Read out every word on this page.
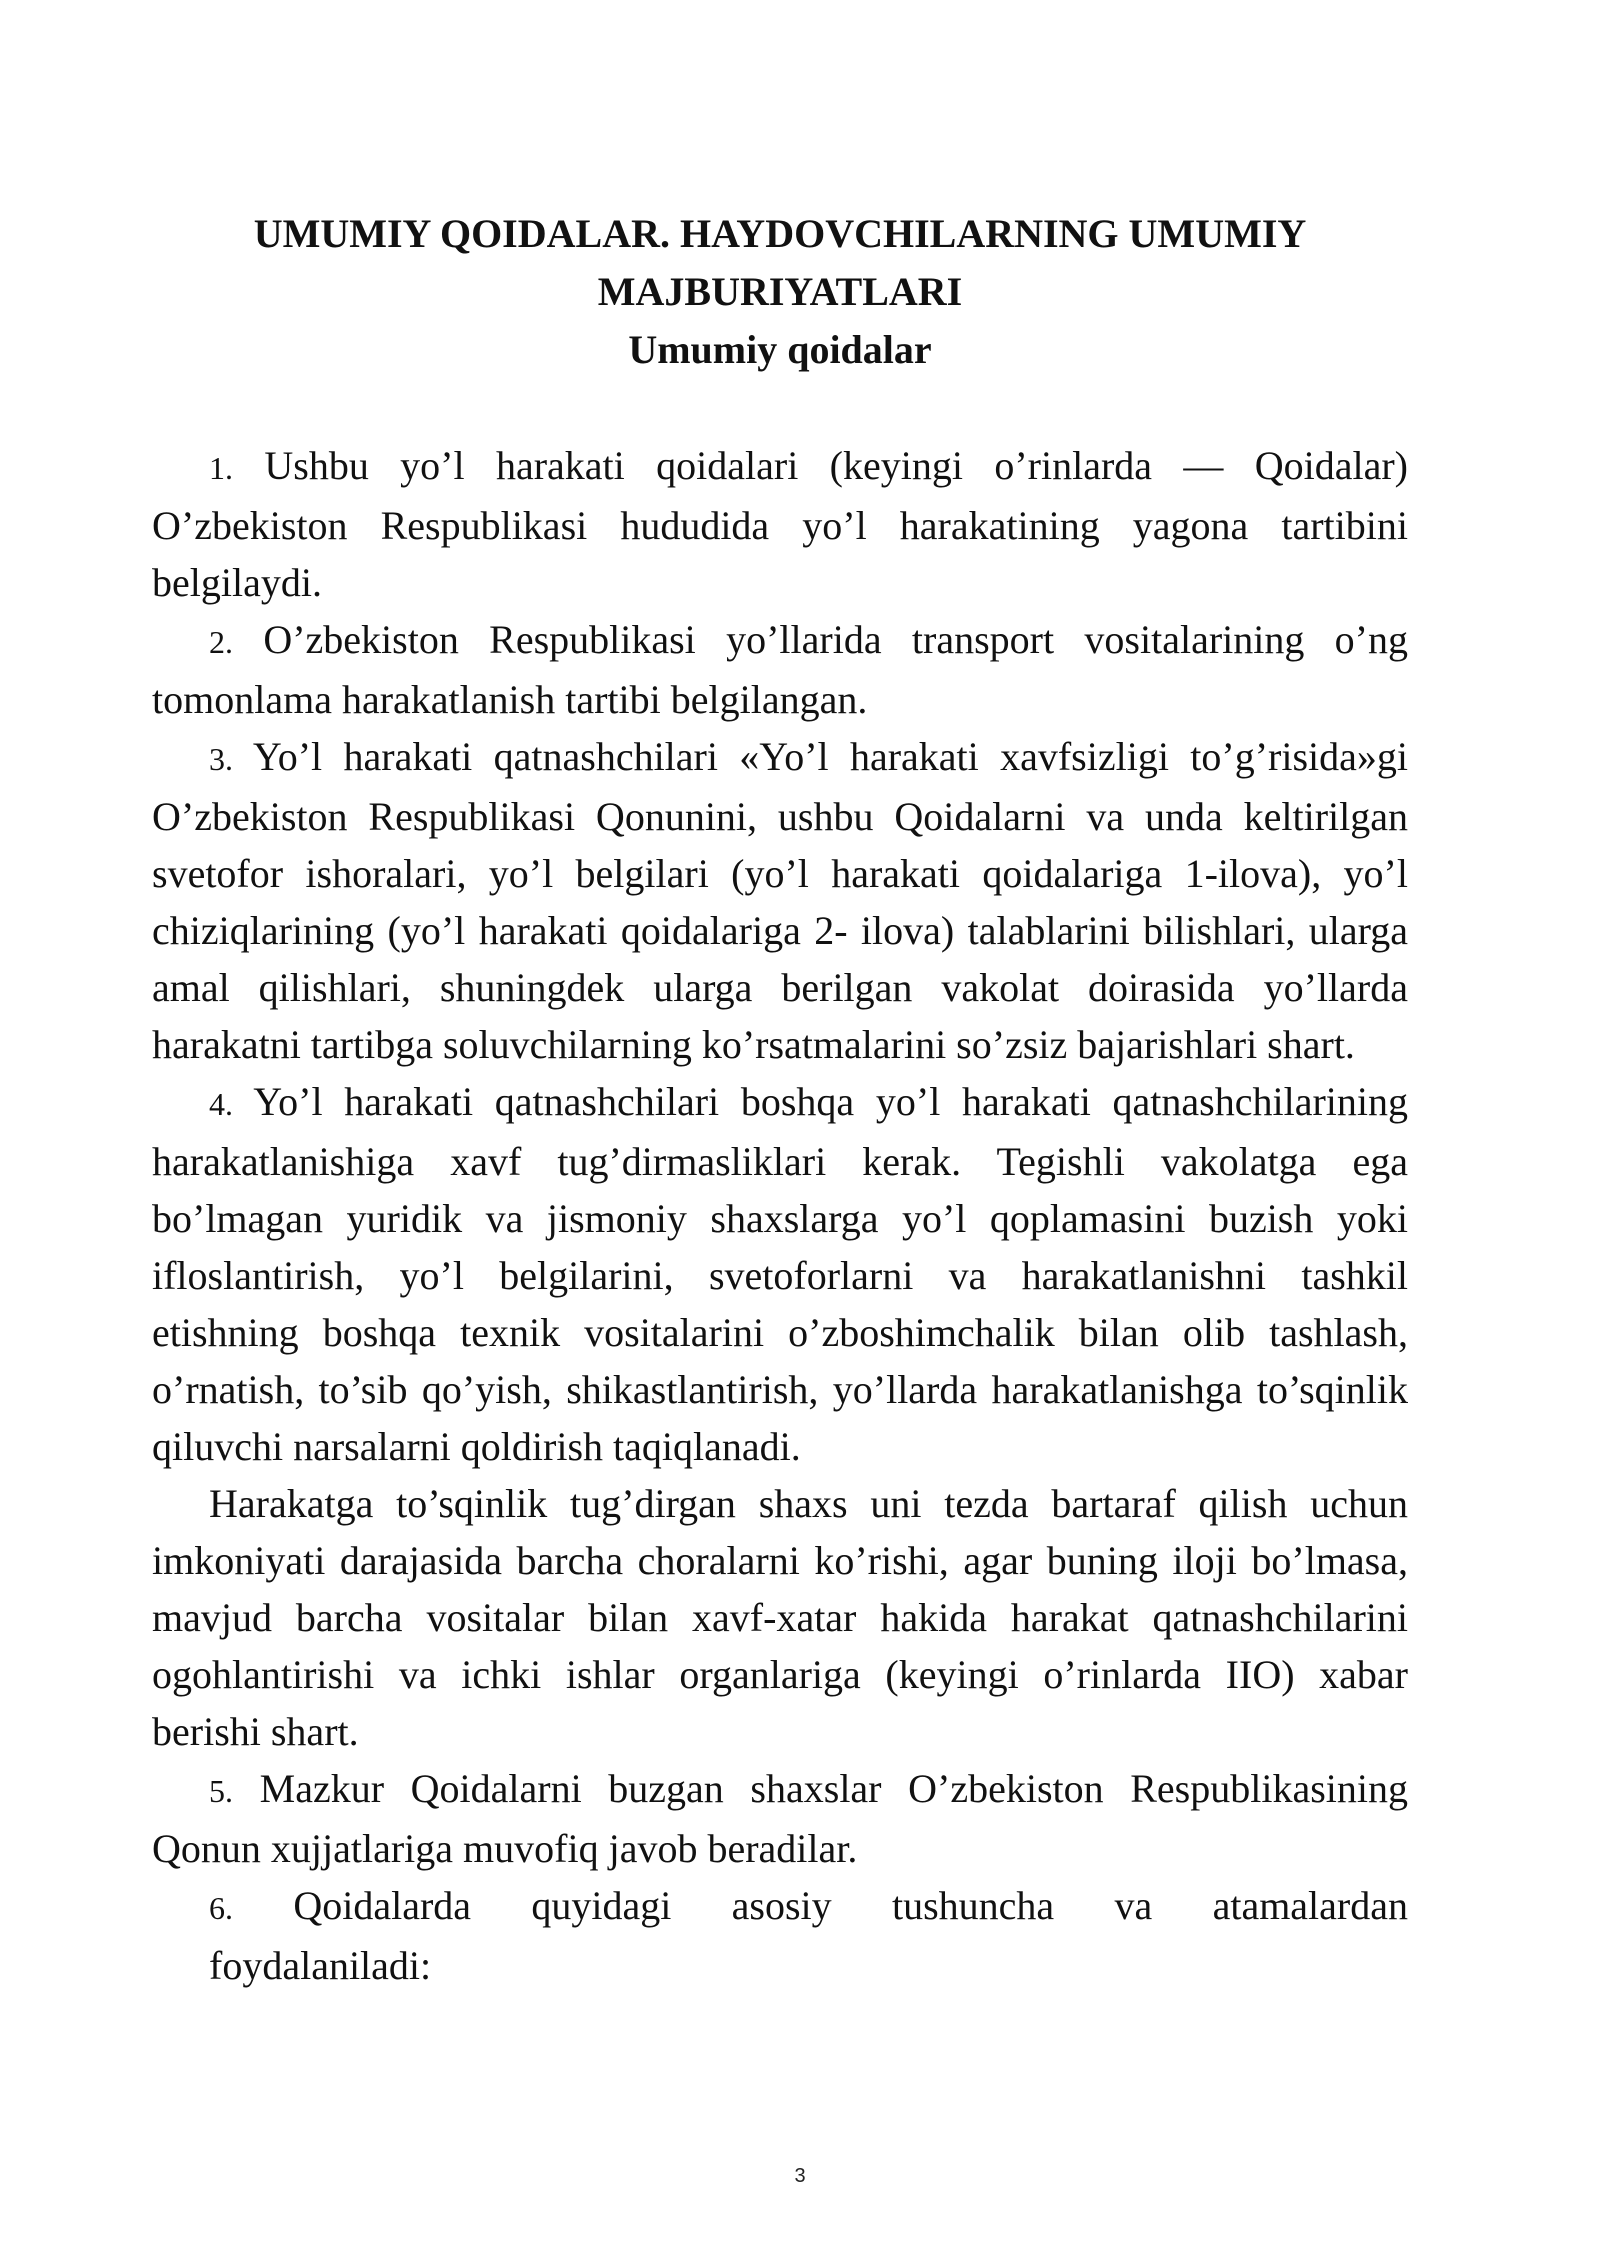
UMUMIY QOIDALAR. HAYDOVCHILARNING UMUMIY
MAJBURIYATLARI
Umumiy qoidalar

1. Ushbu yo’l harakati qoidalari (keyingi o’rinlarda — Qoidalar) O’zbekiston Respublikasi hududida yo’l harakatining yagona tartibini belgilaydi.

2. O’zbekiston Respublikasi yo’llarida transport vositalarining o’ng tomonlama harakatlanish tartibi belgilangan.

3. Yo’l harakati qatnashchilari «Yo’l harakati xavfsizligi to’g’risida»gi O’zbekiston Respublikasi Qonunini, ushbu Qoidalarni va unda keltirilgan svetofor ishoralari, yo’l belgilari (yo’l harakati qoidalariga 1-ilova), yo’l chiziqlarining (yo’l harakati qoidalariga 2- ilova) talablarini bilishlari, ularga amal qilishlari, shuningdek ularga berilgan vakolat doirasida yo’llarda harakatni tartibga soluvchilarning ko’rsatmalarini so’zsiz bajarishlari shart.

4. Yo’l harakati qatnashchilari boshqa yo’l harakati qatnashchilarining harakatlanishiga xavf tug’dirmasliklari kerak. Tegishli vakolatga ega bo’lmagan yuridik va jismoniy shaxslarga yo’l qoplamasini buzish yoki ifloslantirish, yo’l belgilarini, svetoforlarni va harakatlanishni tashkil etishning boshqa texnik vositalarini o’zboshimchalik bilan olib tashlash, o’rnatish, to’sib qo’yish, shikastlantirish, yo’llarda harakatlanishga to’sqinlik qiluvchi narsalarni qoldirish taqiqlanadi.

Harakatga to’sqinlik tug’dirgan shaxs uni tezda bartaraf qilish uchun imkoniyati darajasida barcha choralarni ko’rishi, agar buning iloji bo’lmasa, mavjud barcha vositalar bilan xavf-xatar hakida harakat qatnashchilarini ogohlantirishi va ichki ishlar organlariga (keyingi o’rinlarda IIO) xabar berishi shart.

5. Mazkur Qoidalarni buzgan shaxslar O’zbekiston Respublikasining Qonun xujjatlariga muvofiq javob beradilar.

6. Qoidalarda quyidagi asosiy tushuncha va atamalardan

foydalaniladi:

3
